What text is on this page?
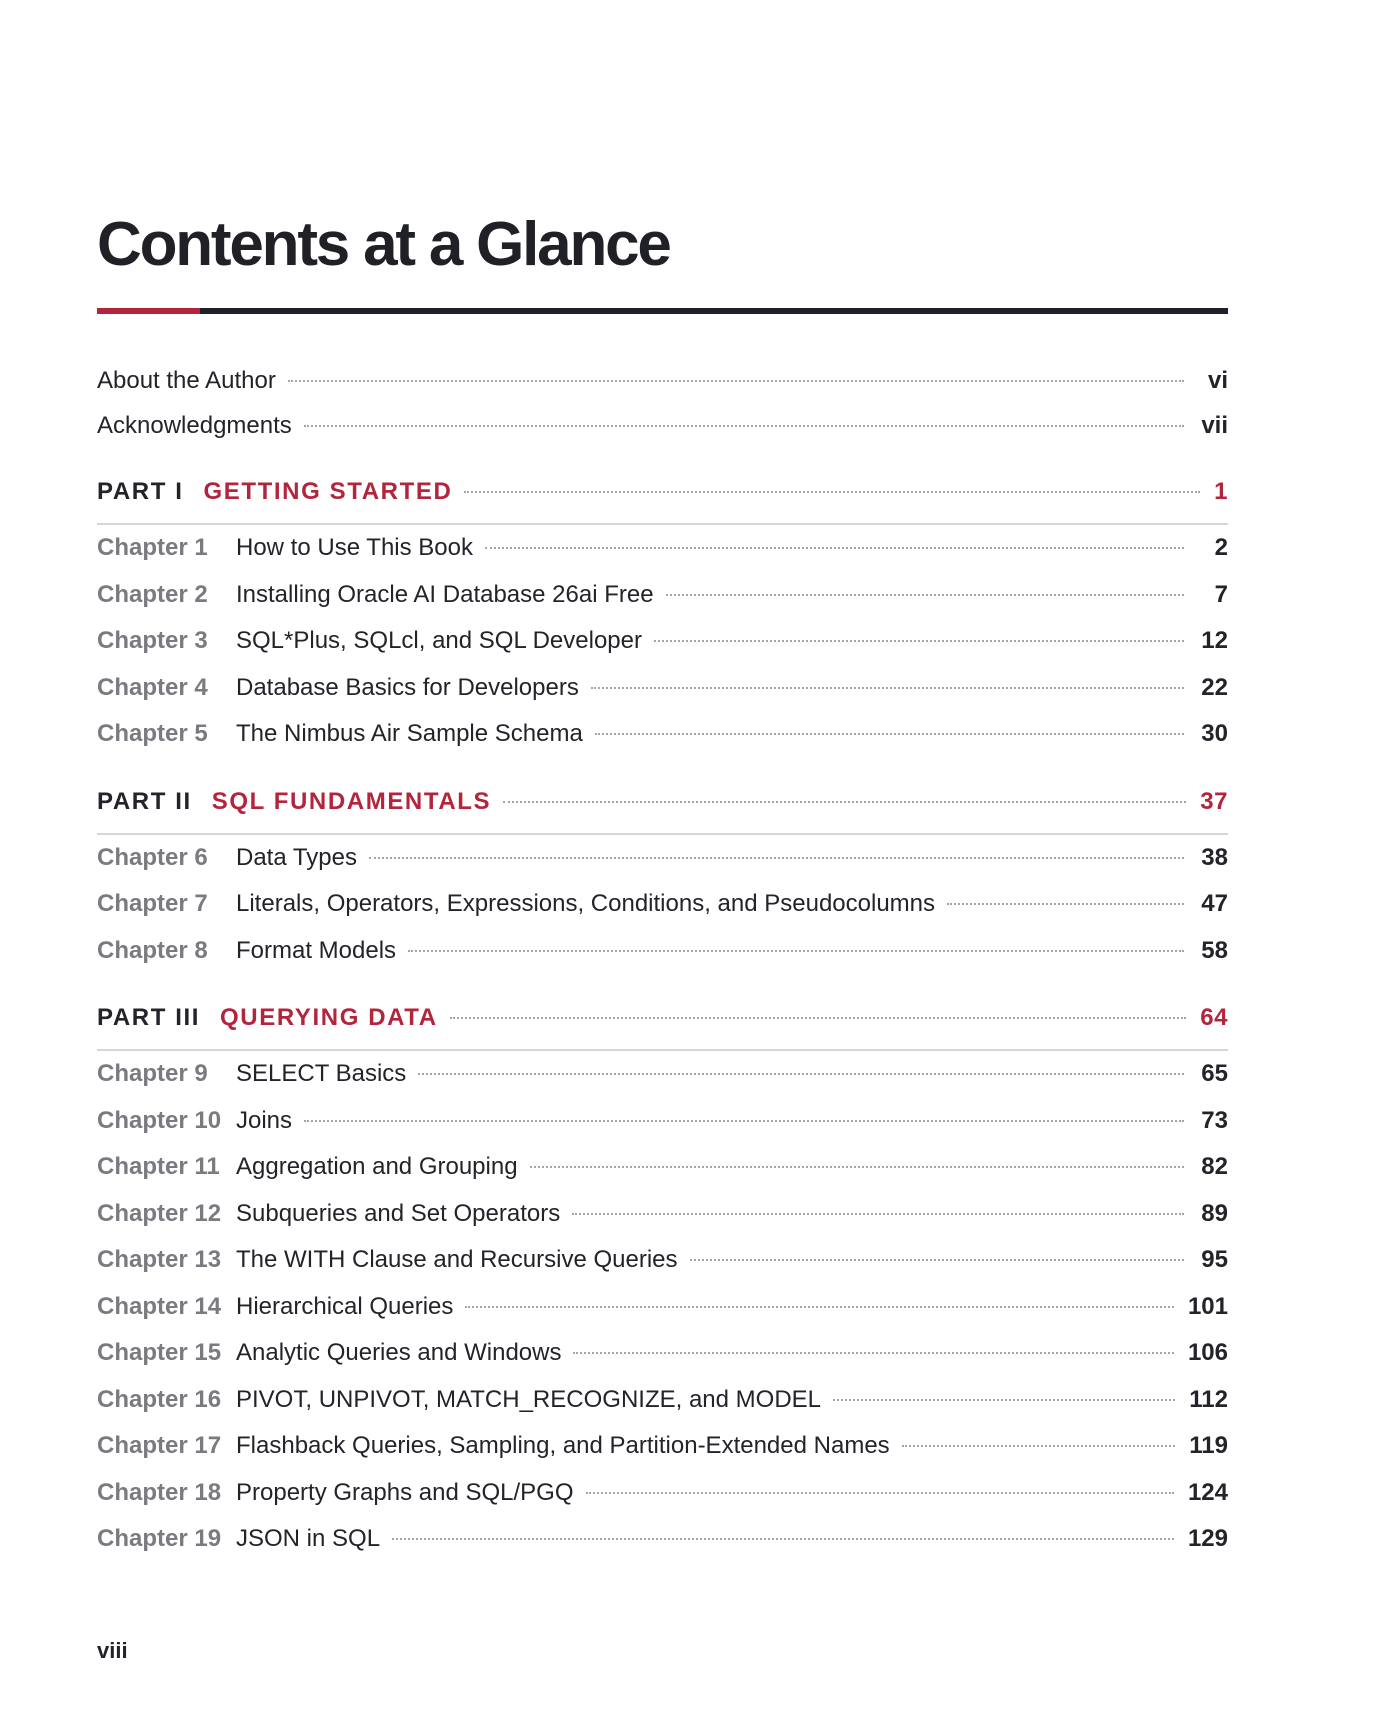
Contents at a Glance
About the Author	vi
Acknowledgments	vii
PART I GETTING STARTED	1
Chapter 1	How to Use This Book	2
Chapter 2	Installing Oracle AI Database 26ai Free	7
Chapter 3	SQL*Plus, SQLcl, and SQL Developer	12
Chapter 4	Database Basics for Developers	22
Chapter 5	The Nimbus Air Sample Schema	30
PART II SQL FUNDAMENTALS	37
Chapter 6	Data Types	38
Chapter 7	Literals, Operators, Expressions, Conditions, and Pseudocolumns	47
Chapter 8	Format Models	58
PART III QUERYING DATA	64
Chapter 9	SELECT Basics	65
Chapter 10 Joins	73
Chapter 11 Aggregation and Grouping	82
Chapter 12 Subqueries and Set Operators	89
Chapter 13 The WITH Clause and Recursive Queries	95
Chapter 14 Hierarchical Queries	101
Chapter 15 Analytic Queries and Windows	106
Chapter 16 PIVOT, UNPIVOT, MATCH_RECOGNIZE, and MODEL	112
Chapter 17 Flashback Queries, Sampling, and Partition-Extended Names	119
Chapter 18 Property Graphs and SQL/PGQ	124
Chapter 19 JSON in SQL	129
viii
